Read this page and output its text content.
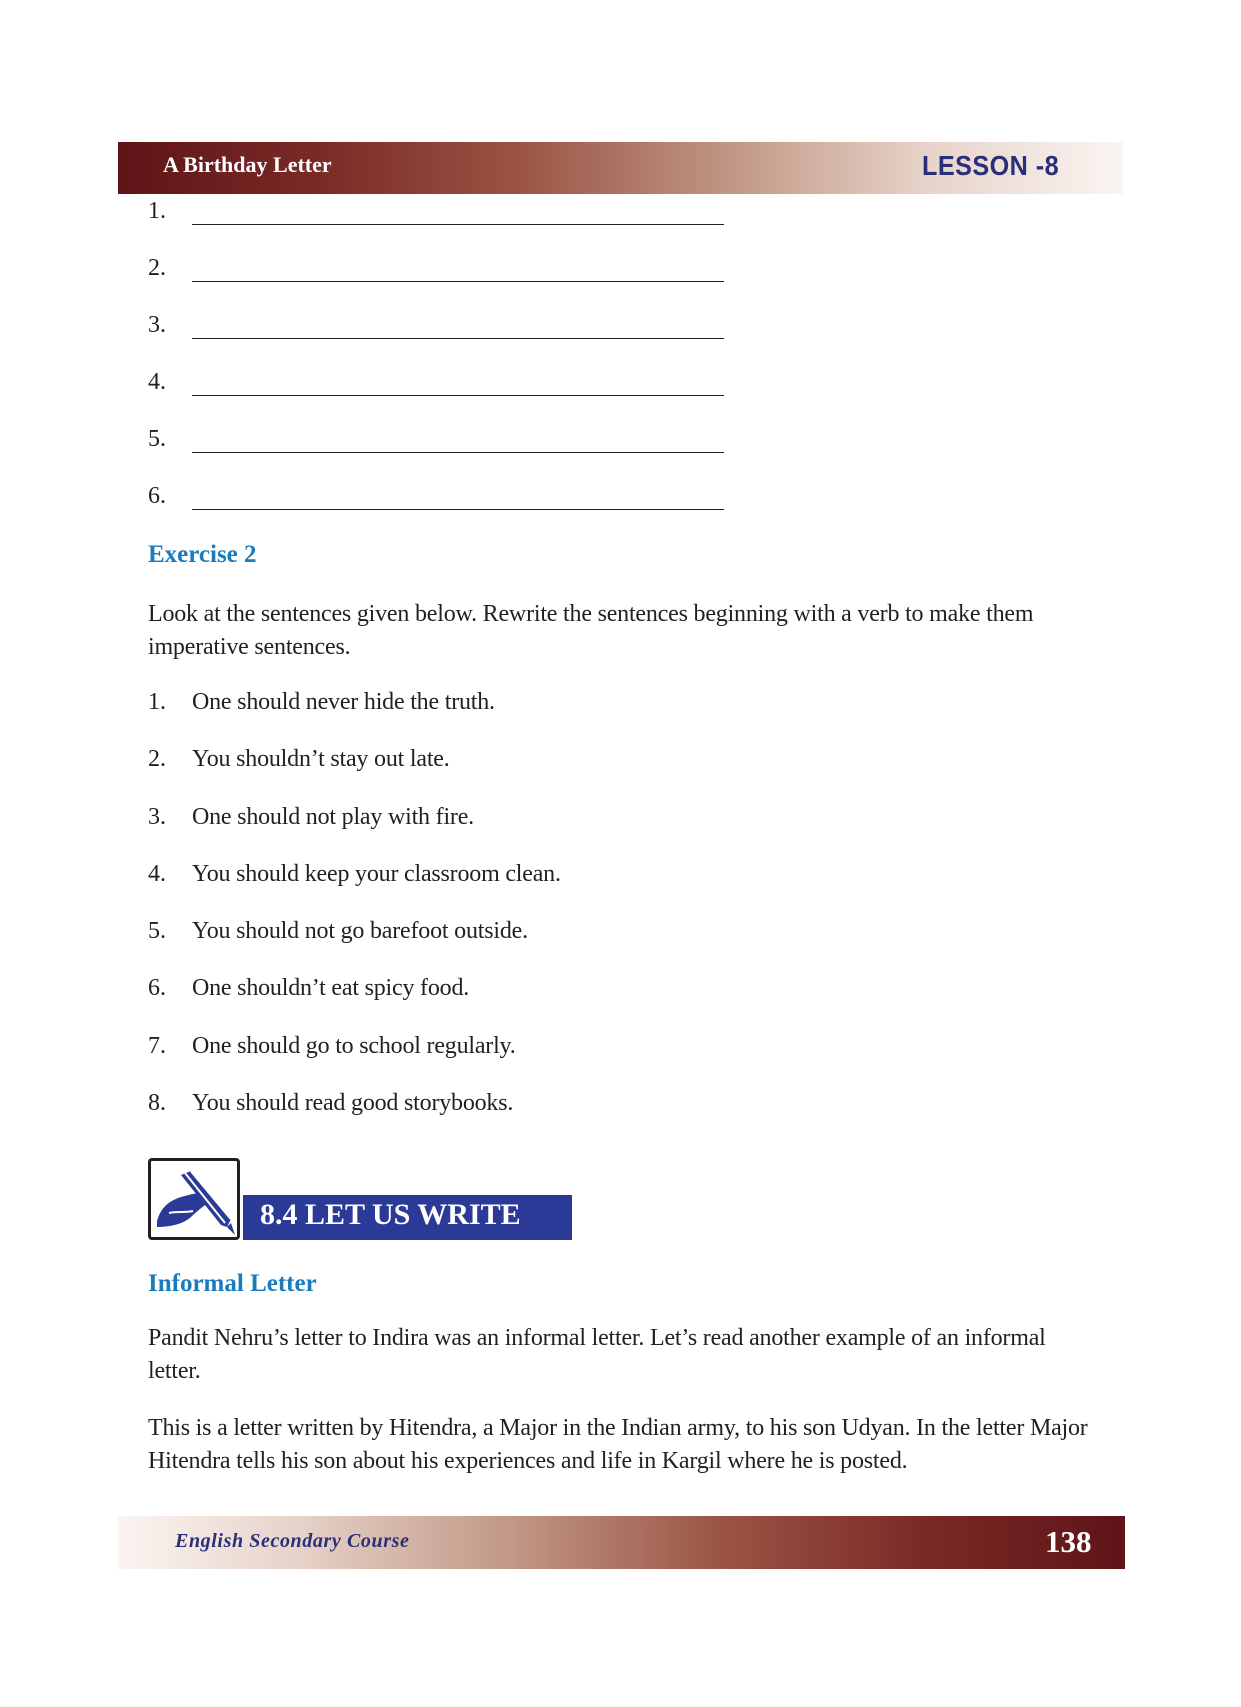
A Birthday Letter	LESSON -8
1.
2.
3.
4.
5.
6.
Exercise 2

Look at the sentences given below. Rewrite the sentences beginning with a verb to make them imperative sentences.

1. One should never hide the truth.
2. You shouldn’t stay out late.
3. One should not play with fire.
4. You should keep your classroom clean.
5. You should not go barefoot outside.
6. One shouldn’t eat spicy food.
7. One should go to school regularly.
8. You should read good storybooks.
8.4 LET US WRITE
Informal Letter

Pandit Nehru’s letter to Indira was an informal letter. Let’s read another example of an informal letter.

This is a letter written by Hitendra, a Major in the Indian army, to his son Udyan. In the letter Major Hitendra tells his son about his experiences and life in Kargil where he is posted.

English Secondary Course	138
